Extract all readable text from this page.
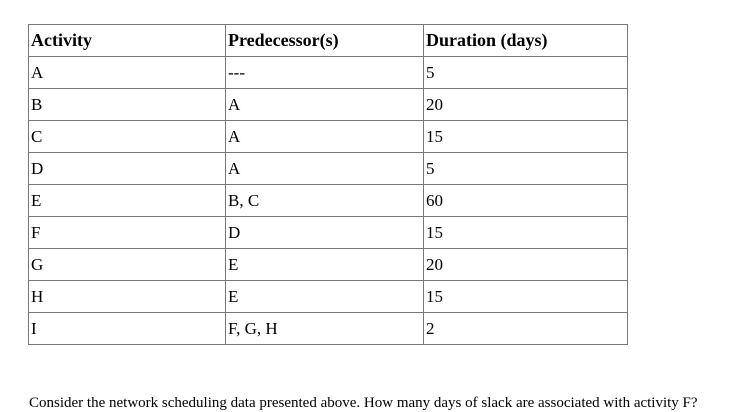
Activity	Predecessor(s)	Duration (days)
A	---	5
B	A	20
C	A	15
D	A	5
E	B, C	60
F	D	15
G	E	20
H	E	15
I	F, G, H	2

Consider the network scheduling data presented above. How many days of slack are associated with activity F?
